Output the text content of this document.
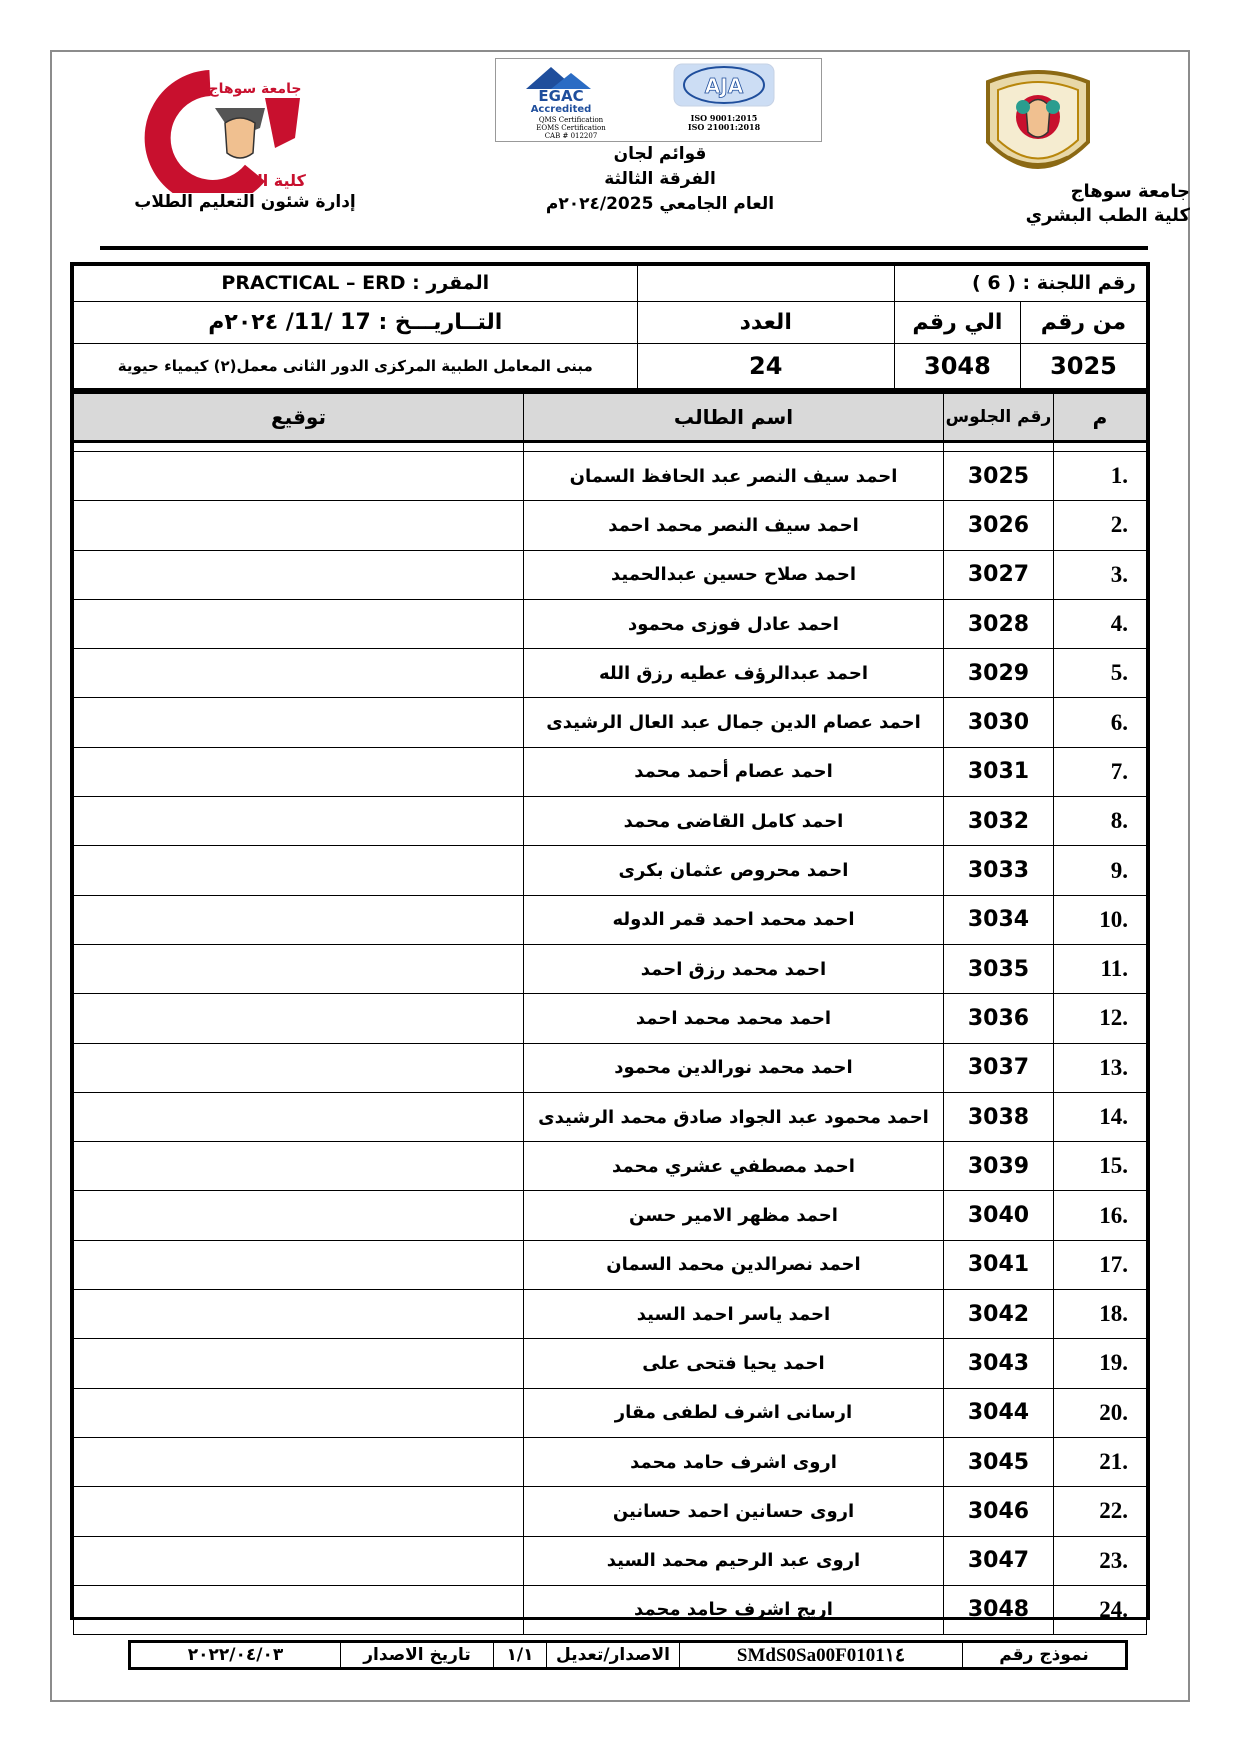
جامعة سوهاج
كلية الطب البشري
جامعة سوهاج
كلية الطب
إدارة شئون التعليم الطلاب
EGAC
Accredited
QMS Certification
EOMS Certification
CAB # 012207
AJA
ISO 9001:2015
ISO 21001:2018
قوائم لجان
الفرقة الثالثة
العام الجامعي ٢٠٢٤/2025م
رقم اللجنة : ( 6 )			المقرر : PRACTICAL – ERD
من رقم	الي رقم	العدد	التــاريـــخ : 17 /11/ ٢٠٢٤م
3025	3048	24	مبنى المعامل الطبية المركزى الدور الثانى معمل(٢) كيمياء حيوية
م	رقم الجلوس	اسم الطالب	توقيع

1.	3025	احمد سيف النصر عبد الحافظ السمان	
2.	3026	احمد سيف النصر محمد احمد	
3.	3027	احمد صلاح حسين عبدالحميد	
4.	3028	احمد عادل فوزى محمود	
5.	3029	احمد عبدالرؤف عطيه رزق الله	
6.	3030	احمد عصام الدين جمال عبد العال الرشيدى	
7.	3031	احمد عصام أحمد محمد	
8.	3032	احمد كامل القاضى محمد	
9.	3033	احمد محروص عثمان بكرى	
10.	3034	احمد محمد احمد قمر الدوله	
11.	3035	احمد محمد رزق احمد	
12.	3036	احمد محمد محمد احمد	
13.	3037	احمد محمد نورالدين محمود	
14.	3038	احمد محمود عبد الجواد صادق محمد الرشيدى	
15.	3039	احمد مصطفي عشري محمد	
16.	3040	احمد مظهر الامير حسن	
17.	3041	احمد نصرالدين محمد السمان	
18.	3042	احمد ياسر احمد السيد	
19.	3043	احمد يحيا فتحى على	
20.	3044	ارسانى اشرف لطفى مقار	
21.	3045	اروى اشرف حامد محمد	
22.	3046	اروى حسانين احمد حسانين	
23.	3047	اروى عبد الرحيم محمد السيد	
24.	3048	اريج اشرف حامد محمد	
نموذج رقم	SMdS0Sa00F0101١٤	الاصدار/تعديل	١/١	تاريخ الاصدار	٢٠٢٢/٠٤/٠٣
